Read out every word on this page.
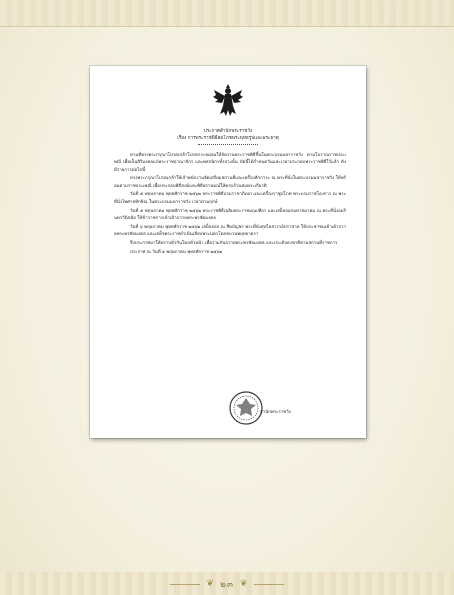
ประกาศสำนักพระราชวัง
เรื่อง การพระราชพิธีสมโภชพระพุทธรูปและพระธาตุ

ตามที่ทรงพระกรุณาโปรดเกล้าโปรดกระหม่อมให้จัดงานพระราชพิธีขึ้นในพระบรมมหาราชวัง ตามโบราณราชประเพณี เพื่อเป็นสิริมงคลแก่พระราชอาณาจักร และพสกนิกรทั้งปวงนั้น บัดนี้ได้กำหนดวันและเวลาประกอบพระราชพิธีไว้แล้ว ดังมีรายการต่อไปนี้

ทรงพระกรุณาโปรดเกล้าให้เจ้าพนักงานจัดเตรียมสถานที่และเครื่องสักการะ ณ พระที่นั่งในพระบรมมหาราชวัง ให้พร้อมตามราชประเพณี เพื่อประกอบพิธีสงฆ์และพิธีพราหมณ์ให้ครบถ้วนสมพระเกียรติ

วันที่ ๕ พฤษภาคม พุทธศักราช ๒๕๖๒ พระราชพิธีบรมราชาภิเษก และเครื่องราชูปโภค พระบรมราชโองการ ณ พระที่นั่งไพศาลทักษิณ ในพระบรมมหาราชวัง เวลาตามฤกษ์

วันที่ ๕ พฤษภาคม พุทธศักราช ๒๕๖๒ พระราชพิธีเฉลิมพระราชมณเฑียร และเสด็จออกมหาสมาคม ณ พระที่นั่งอมรินทรวินิจฉัย ให้ข้าราชการเข้าเฝ้าถวายพระพรชัยมงคล

วันที่ ๖ พฤษภาคม พุทธศักราช ๒๕๖๒ เสด็จออก ณ สีหบัญชร พระที่นั่งสุทไธสวรรย์ปราสาท ให้ประชาชนเข้าเฝ้าถวายพระพรชัยมงคล และเสด็จพระราชดำเนินเลียบพระนครโดยขบวนพยุหยาตรา

จึงประกาศมาให้ทราบทั่วกันโดยทั่วหน้า เพื่อร่วมกันถวายพระพรชัยมงคล และประดับธงชาติตามสถานที่ราชการ

ประกาศ ณ วันที่ ๑ พฤษภาคม พุทธศักราช ๒๕๖๒

สำนักพระราชวัง
❦ ๒๓ ❦
